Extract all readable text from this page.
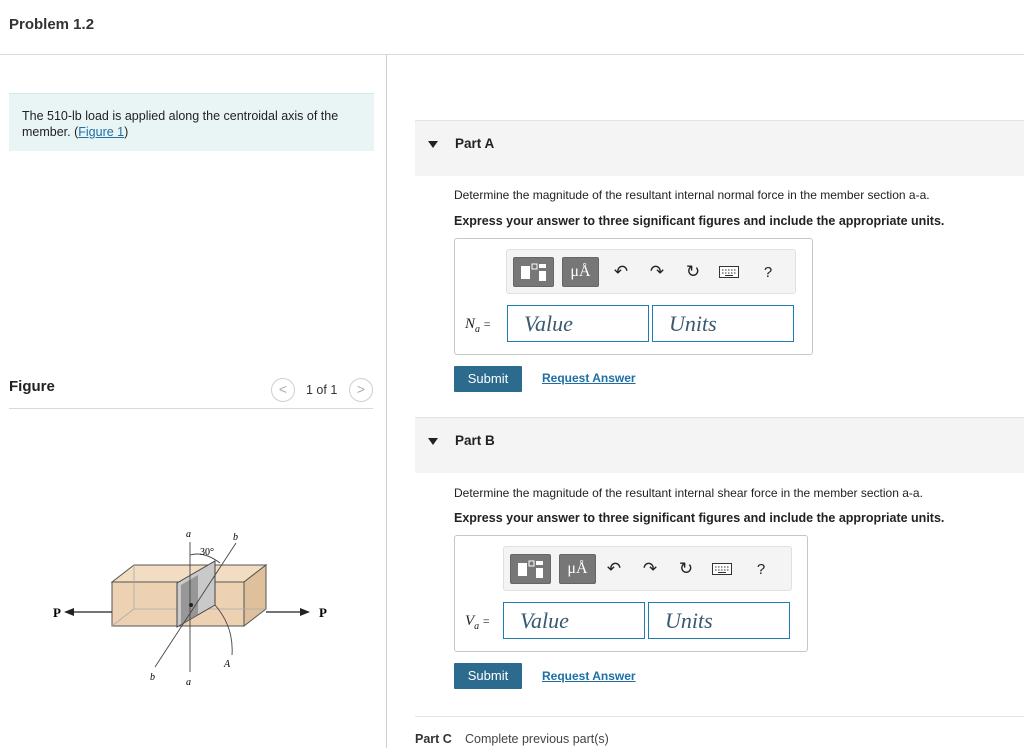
Problem 1.2
The 510-lb load is applied along the centroidal axis of the member. (Figure 1)
Figure	<	1 of 1	>
P	P
30°
a	b
b	a
A
Part A
Determine the magnitude of the resultant internal normal force in the member section a-a.
Express your answer to three significant figures and include the appropriate units.
μÅ	↶ ↷ ↻	?
$N_a$ =	Value	Units
Submit	Request Answer
Part B
Determine the magnitude of the resultant internal shear force in the member section a-a.
Express your answer to three significant figures and include the appropriate units.
μÅ	↶ ↷ ↻	?
$V_a$ =	Value	Units
Submit	Request Answer
Part C Complete previous part(s)
